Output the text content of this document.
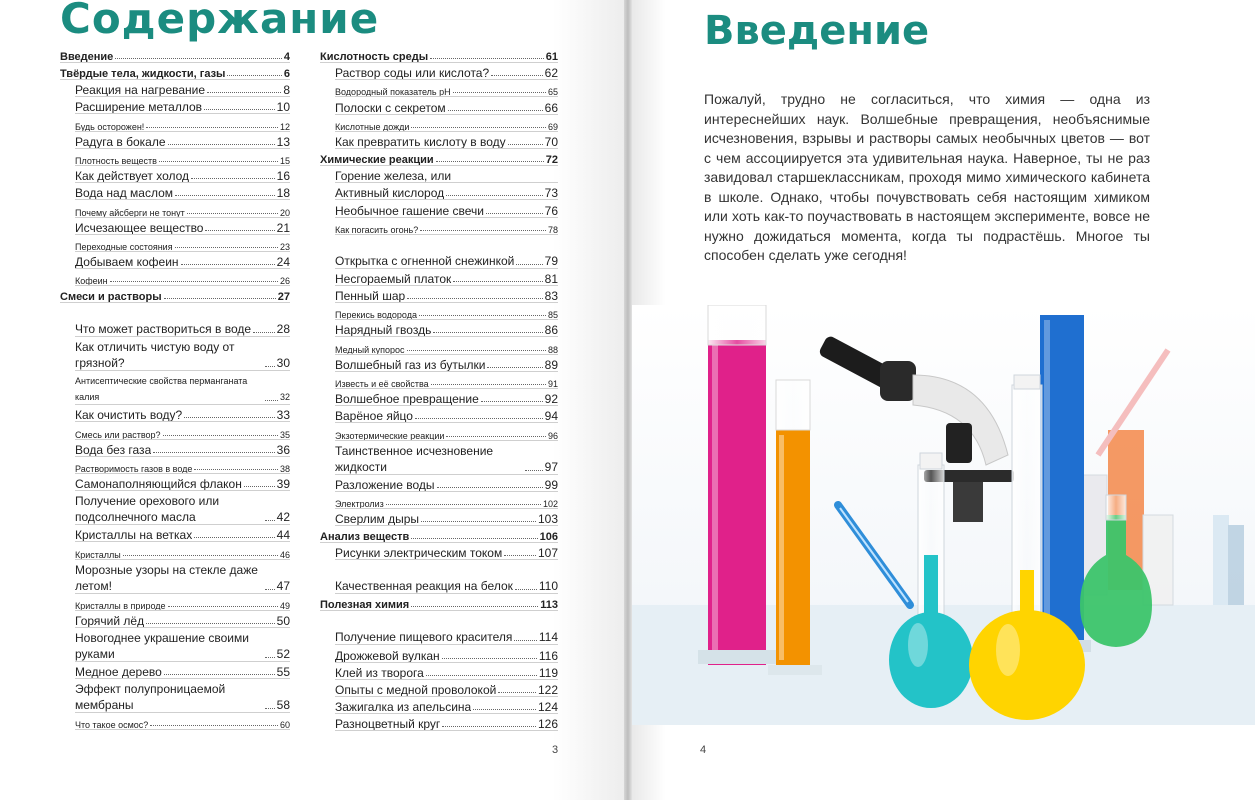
Содержание
Введение	4
Твёрдые тела, жидкости, газы	6
Реакция на нагревание	8
Расширение металлов	10
Будь осторожен!	12
Радуга в бокале	13
Плотность веществ	15
Как действует холод	16
Вода над маслом	18
Почему айсберги не тонут	20
Исчезающее вещество	21
Переходные состояния	23
Добываем кофеин	24
Кофеин	26
Смеси и растворы	27
Что может раствориться в воде 28
Как отличить чистую воду от грязной?	30
Антисептические свойства перманганата калия	32
Как очистить воду?	33
Смесь или раствор?	35
Вода без газа	36
Растворимость газов в воде	38
Самонаполняющийся флакон	39
Получение орехового или подсолнечного масла	42
Кристаллы на ветках	44
Кристаллы	46
Морозные узоры на стекле даже летом!	47
Кристаллы в природе	49
Горячий лёд	50
Новогоднее украшение своими руками	52
Медное дерево	55
Эффект полупроницаемой мембраны	58
Что такое осмос?	60
Кислотность среды	61
Раствор соды или кислота?	62
Водородный показатель pH	65
Полоски с секретом	66
Кислотные дожди	69
Как превратить кислоту в воду	70
Химические реакции	72
Горение железа, или
Активный кислород	73
Необычное гашение свечи	76
Как погасить огонь?	78
Открытка с огненной снежинкой	79
Несгораемый платок	81
Пенный шар	83
Перекись водорода	85
Нарядный гвоздь	86
Медный купорос	88
Волшебный газ из бутылки	89
Известь и её свойства	91
Волшебное превращение	92
Варёное яйцо	94
Экзотермические реакции	96
Таинственное исчезновение жидкости	97
Разложение воды	99
Электролиз	102
Сверлим дыры	103
Анализ веществ	106
Рисунки электрическим током	107
Качественная реакция на белок 110
Полезная химия	113
Получение пищевого красителя 114
Дрожжевой вулкан	116
Клей из творога	119
Опыты с медной проволокой	122
Зажигалка из апельсина	124
Разноцветный круг	126
3
Введение

Пожалуй, трудно не согласиться, что химия — одна из интереснейших наук. Волшебные превращения, необъяснимые исчезновения, взрывы и растворы самых необычных цветов — вот с чем ассоциируется эта удивительная наука. Наверное, ты не раз завидовал старшеклассникам, проходя мимо химического кабинета в школе. Однако, чтобы почувствовать себя настоящим химиком или хоть как-то поучаствовать в настоящем эксперименте, вовсе не нужно дожидаться момента, когда ты подрастёшь. Многое ты способен сделать уже сегодня!

4
